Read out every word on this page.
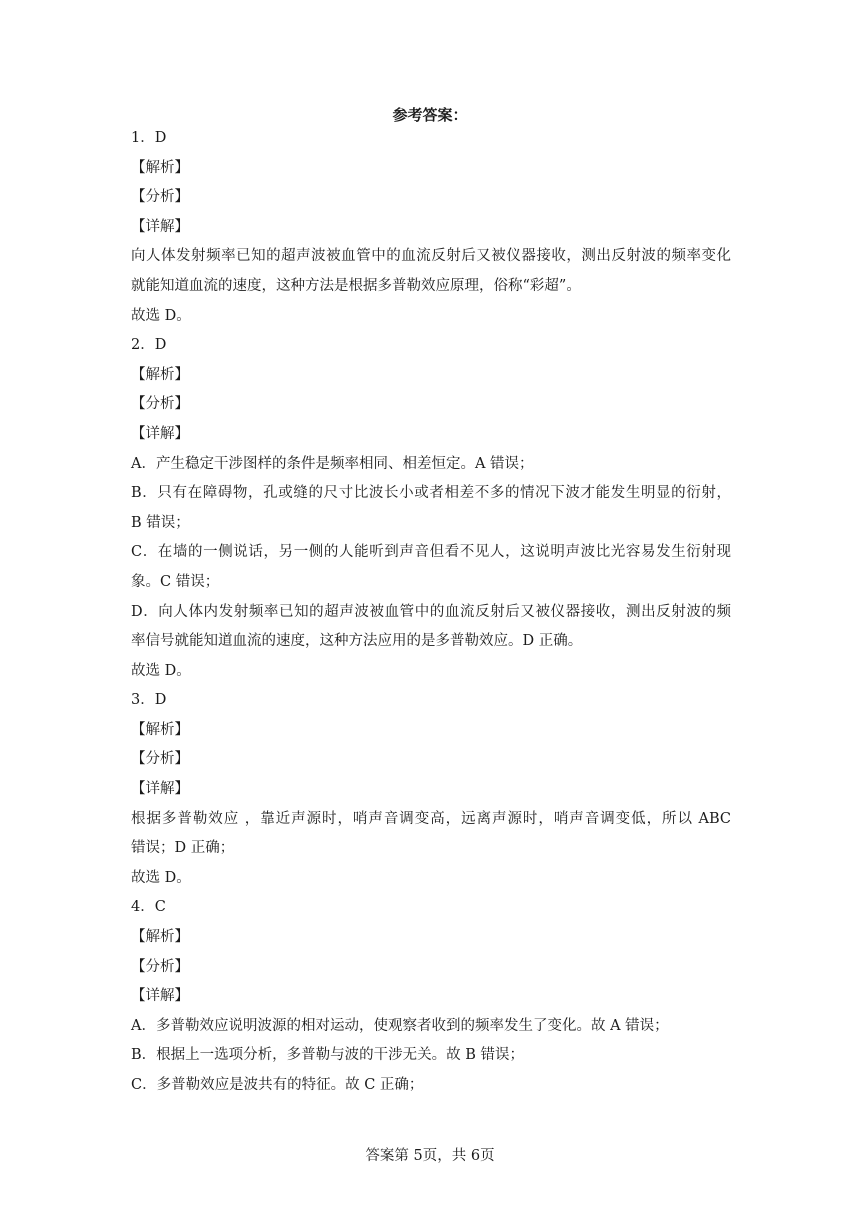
参考答案：
1．D
【解析】
【分析】
【详解】
向人体发射频率已知的超声波被血管中的血流反射后又被仪器接收，测出反射波的频率变化
就能知道血流的速度，这种方法是根据多普勒效应原理，俗称“彩超”。
故选 D。
2．D
【解析】
【分析】
【详解】
A．产生稳定干涉图样的条件是频率相同、相差恒定。A 错误；
B．只有在障碍物，孔或缝的尺寸比波长小或者相差不多的情况下波才能发生明显的衍射，
B 错误；
C．在墙的一侧说话，另一侧的人能听到声音但看不见人，这说明声波比光容易发生衍射现
象。C 错误；
D．向人体内发射频率已知的超声波被血管中的血流反射后又被仪器接收，测出反射波的频
率信号就能知道血流的速度，这种方法应用的是多普勒效应。D 正确。
故选 D。
3．D
【解析】
【分析】
【详解】
根据多普勒效应 ，靠近声源时，哨声音调变高，远离声源时，哨声音调变低，所以 ABC
错误；D 正确；
故选 D。
4．C
【解析】
【分析】
【详解】
A．多普勒效应说明波源的相对运动，使观察者收到的频率发生了变化。故 A 错误；
B．根据上一选项分析，多普勒与波的干涉无关。故 B 错误；
C．多普勒效应是波共有的特征。故 C 正确；
答案第 5页，共 6页
